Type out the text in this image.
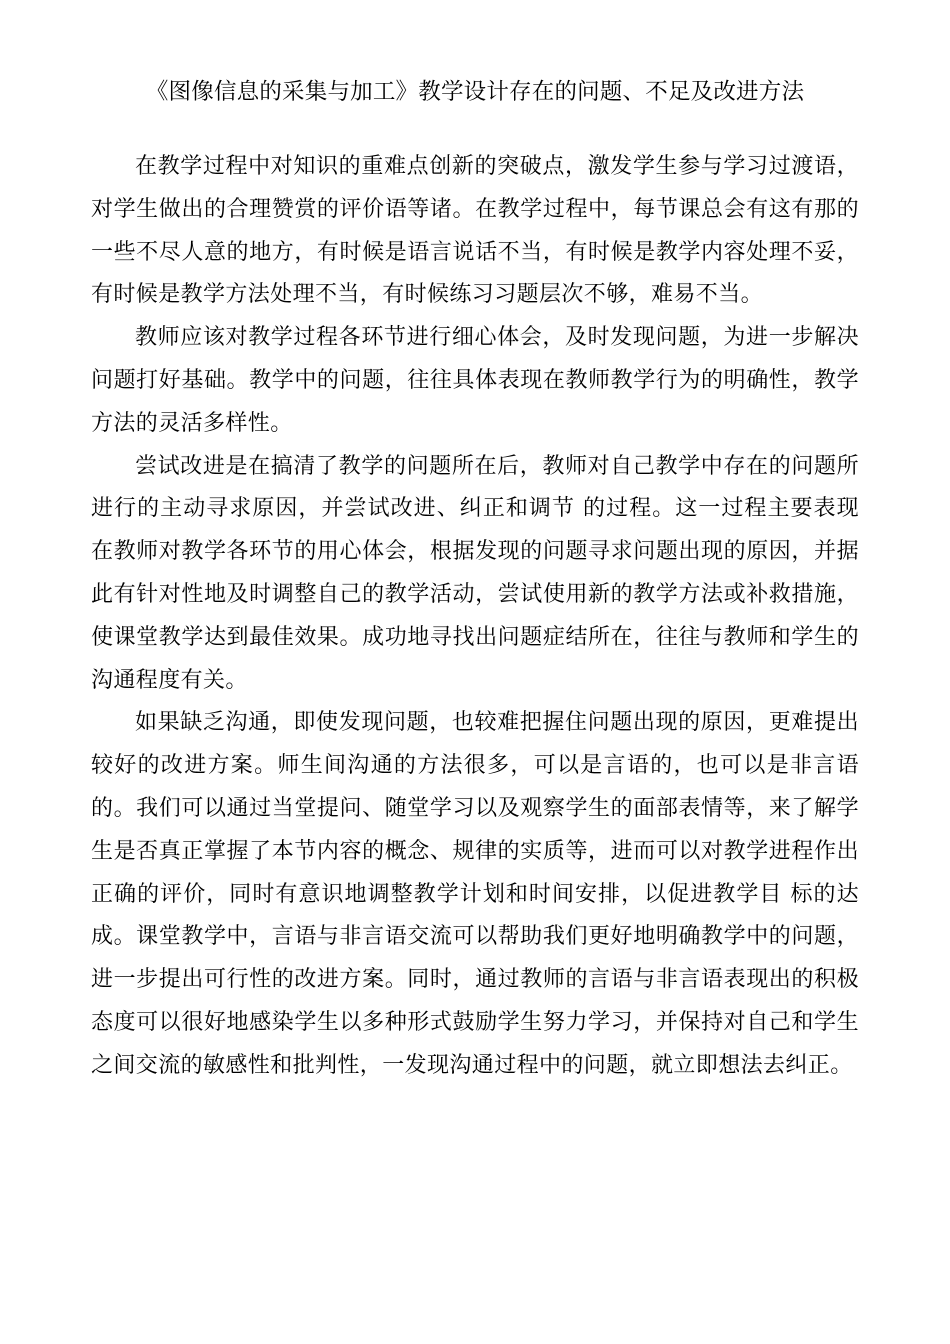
《图像信息的采集与加工》教学设计存在的问题、不足及改进方法

在教学过程中对知识的重难点创新的突破点，激发学生参与学习过渡语，对学生做出的合理赞赏的评价语等诸。在教学过程中，每节课总会有这有那的一些不尽人意的地方，有时候是语言说话不当，有时候是教学内容处理不妥，有时候是教学方法处理不当，有时候练习习题层次不够，难易不当。

教师应该对教学过程各环节进行细心体会，及时发现问题，为进一步解决问题打好基础。教学中的问题，往往具体表现在教师教学行为的明确性，教学方法的灵活多样性。

尝试改进是在搞清了教学的问题所在后，教师对自己教学中存在的问题所进行的主动寻求原因，并尝试改进、纠正和调节 的过程。这一过程主要表现在教师对教学各环节的用心体会，根据发现的问题寻求问题出现的原因，并据此有针对性地及时调整自己的教学活动，尝试使用新的教学方法或补救措施，使课堂教学达到最佳效果。成功地寻找出问题症结所在，往往与教师和学生的沟通程度有关。

如果缺乏沟通，即使发现问题，也较难把握住问题出现的原因，更难提出较好的改进方案。师生间沟通的方法很多，可以是言语的，也可以是非言语的。我们可以通过当堂提问、随堂学习以及观察学生的面部表情等，来了解学生是否真正掌握了本节内容的概念、规律的实质等，进而可以对教学进程作出正确的评价，同时有意识地调整教学计划和时间安排，以促进教学目 标的达成。课堂教学中，言语与非言语交流可以帮助我们更好地明确教学中的问题，进一步提出可行性的改进方案。同时，通过教师的言语与非言语表现出的积极态度可以很好地感染学生以多种形式鼓励学生努力学习，并保持对自己和学生之间交流的敏感性和批判性，一发现沟通过程中的问题，就立即想法去纠正。
